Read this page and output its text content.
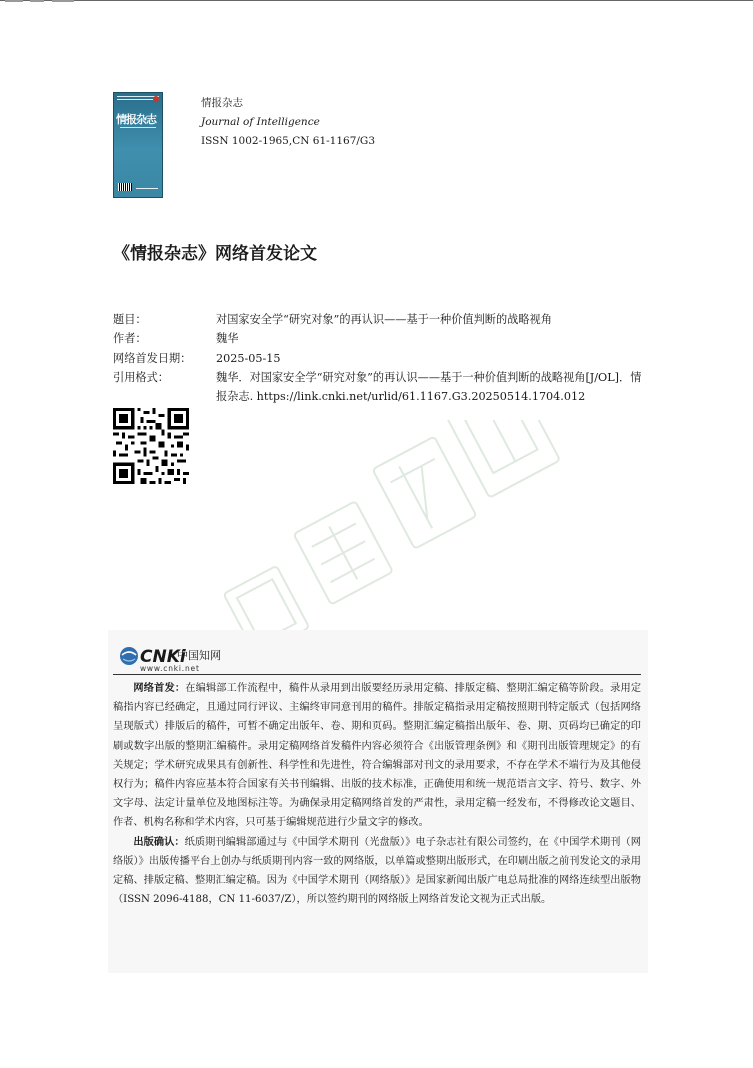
情报杂志
情报杂志
Journal of Intelligence
ISSN 1002-1965,CN 61-1167/G3
《情报杂志》网络首发论文
题目：	对国家安全学“研究对象”的再认识——基于一种价值判断的战略视角
作者：	魏华
网络首发日期：	2025-05-15
引用格式：	魏华．对国家安全学“研究对象”的再认识——基于一种价值判断的战略视角[J/OL]．情报杂志. https://link.cnki.net/urlid/61.1167.G3.20250514.1704.012
CNKi
中国知网
www.cnki.net

网络首发：在编辑部工作流程中，稿件从录用到出版要经历录用定稿、排版定稿、整期汇编定稿等阶段。录用定稿指内容已经确定，且通过同行评议、主编终审同意刊用的稿件。排版定稿指录用定稿按照期刊特定版式（包括网络呈现版式）排版后的稿件，可暂不确定出版年、卷、期和页码。整期汇编定稿指出版年、卷、期、页码均已确定的印刷或数字出版的整期汇编稿件。录用定稿网络首发稿件内容必须符合《出版管理条例》和《期刊出版管理规定》的有关规定；学术研究成果具有创新性、科学性和先进性，符合编辑部对刊文的录用要求，不存在学术不端行为及其他侵权行为；稿件内容应基本符合国家有关书刊编辑、出版的技术标准，正确使用和统一规范语言文字、符号、数字、外文字母、法定计量单位及地图标注等。为确保录用定稿网络首发的严肃性，录用定稿一经发布，不得修改论文题目、作者、机构名称和学术内容，只可基于编辑规范进行少量文字的修改。

出版确认：纸质期刊编辑部通过与《中国学术期刊（光盘版）》电子杂志社有限公司签约，在《中国学术期刊（网络版）》出版传播平台上创办与纸质期刊内容一致的网络版，以单篇或整期出版形式，在印刷出版之前刊发论文的录用定稿、排版定稿、整期汇编定稿。因为《中国学术期刊（网络版）》是国家新闻出版广电总局批准的网络连续型出版物（ISSN 2096-4188，CN 11-6037/Z），所以签约期刊的网络版上网络首发论文视为正式出版。
